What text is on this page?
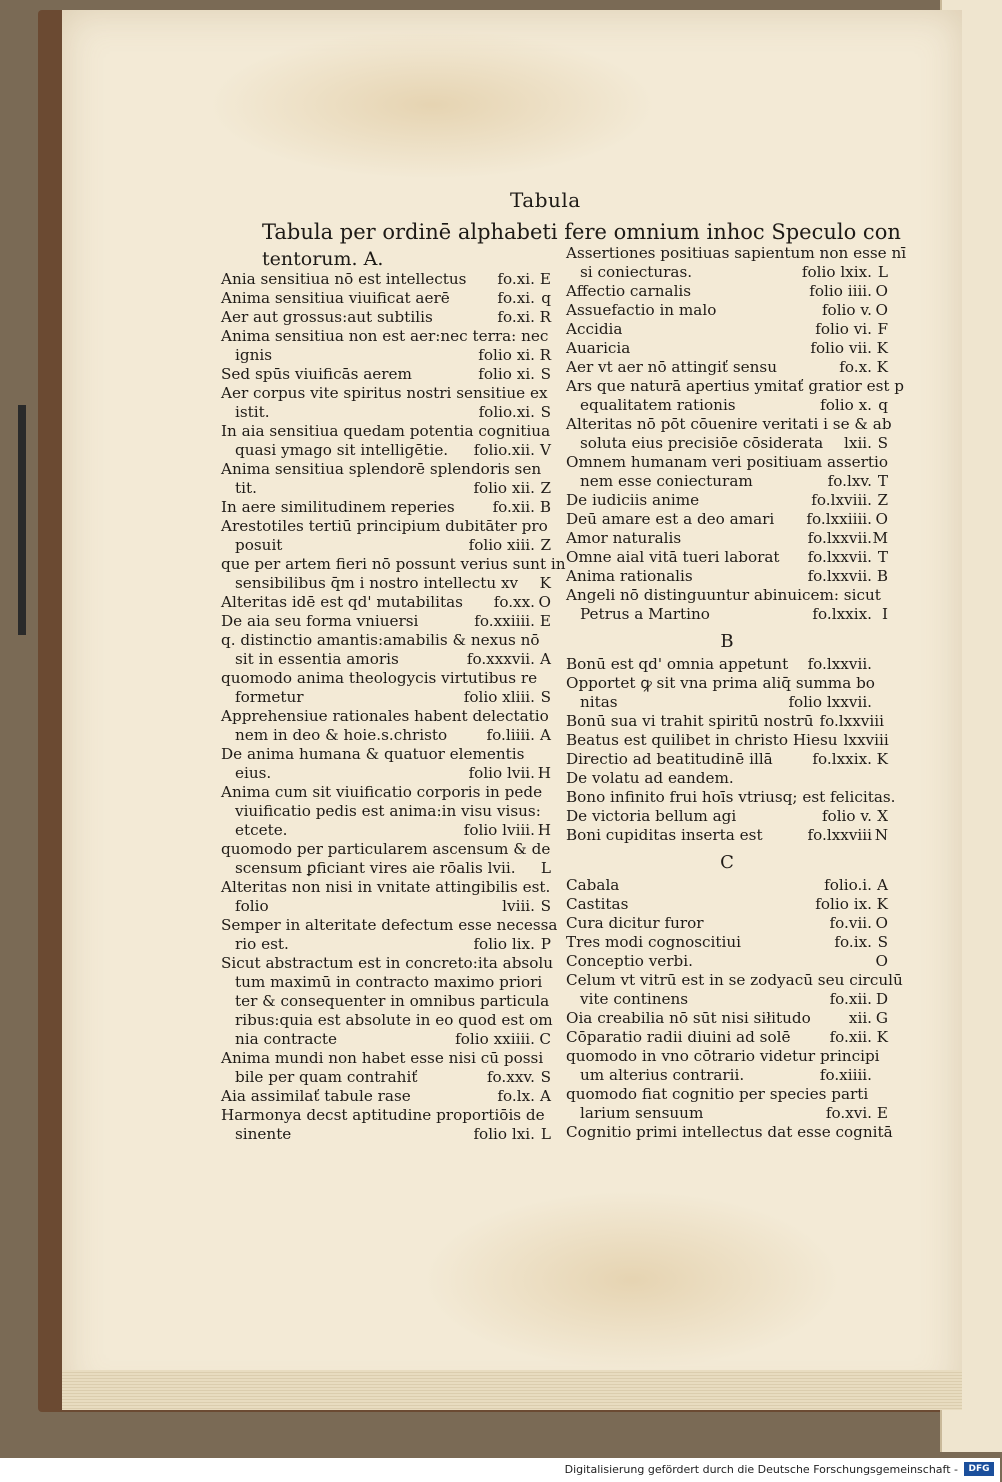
Tabula
Tabula per ordinē alphabeti fere omnium inhoc Speculo con
tentorum. A.
Ania sensitiua nō est intellectus	fo.xi. E
Anima sensitiua viuificat aerē	fo.xi. q
Aer aut grossus:aut subtilis	fo.xi. R
Anima sensitiua non est aer:nec terra: nec
ignis	folio xi. R
Sed spūs viuificās aerem	folio xi. S
Aer corpus vite spiritus nostri sensitiue ex
istit.	folio.xi. S
In aia sensitiua quedam potentia cognitiua
quasi ymago sit intelligētie.	folio.xii. V
Anima sensitiua splendorē splendoris sen
tit.	folio xii. Z
In aere similitudinem reperies	fo.xii. B
Arestotiles tertiū principium dubitāter pro
posuit	folio xiii. Z
que per artem fieri nō possunt verius sunt in
sensibilibus q̄m i nostro intellectu xv	K
Alteritas idē est qd' mutabilitas	fo.xx. O
De aia seu forma vniuersi	fo.xxiiii. E
q. distinctio amantis:amabilis & nexus nō
sit in essentia amoris	fo.xxxvii. A
quomodo anima theologycis virtutibus re
formetur	folio xliii. S
Apprehensiue rationales habent delectatio
nem in deo & hoie.s.christo	fo.liiii. A
De anima humana & quatuor elementis
eius.	folio lvii. H
Anima cum sit viuificatio corporis in pede
viuificatio pedis est anima:in visu visus:
etcete.	folio lviii. H
quomodo per particularem ascensum & de
scensum ꝑficiant vires aie rōalis lvii.	L
Alteritas non nisi in vnitate attingibilis est.
folio	lviii. S
Semper in alteritate defectum esse necessa
rio est.	folio lix. P
Sicut abstractum est in concreto:ita absolu
tum maximū in contracto maximo priori
ter & consequenter in omnibus particula
ribus:quia est absolute in eo quod est om
nia contracte	folio xxiiii. C
Anima mundi non habet esse nisi cū possi
bile per quam contrahiť	fo.xxv. S
Aia assimilať tabule rase	fo.lx. A
Harmonya decst aptitudine proportiōis de
sinente	folio lxi. L
Assertiones positiuas sapientum non esse nī
si coniecturas.	folio lxix. L
Affectio carnalis	folio iiii. O
Assuefactio in malo	folio v. O
Accidia	folio vi. F
Auaricia	folio vii. K
Aer vt aer nō attingiť sensu	fo.x. K
Ars que naturā apertius ymitať gratior est p
equalitatem rationis	folio x. q
Alteritas nō pōt cōuenire veritati i se & ab
soluta eius precisiōe cōsiderata	lxii. S
Omnem humanam veri positiuam assertio
nem esse coniecturam	fo.lxv. T
De iudiciis anime	fo.lxviii. Z
Deū amare est a deo amari	fo.lxxiiii. O
Amor naturalis	fo.lxxvii. M
Omne aial vitā tueri laborat	fo.lxxvii. T
Anima rationalis	fo.lxxvii. B
Angeli nō distinguuntur abinuicem: sicut
Petrus a Martino	fo.lxxix. I
B
Bonū est qd' omnia appetunt	fo.lxxvii.
Opportet ꝙ sit vna prima aliq̄ summa bo
nitas	folio lxxvii.
Bonū sua vi trahit spiritū nostrū fo.lxxviii
Beatus est quilibet in christo Hiesu lxxviii
Directio ad beatitudinē illā	fo.lxxix. K
De volatu ad eandem.
Bono infinito frui hoīs vtriusq; est felicitas.
De victoria bellum agi	folio v. X
Boni cupiditas inserta est	fo.lxxviii N
C
Cabala	folio.i. A
Castitas	folio ix. K
Cura dicitur furor	fo.vii. O
Tres modi cognoscitiui	fo.ix. S
Conceptio verbi.	O
Celum vt vitrū est in se zodyacū seu circulū
vite continens	fo.xii. D
Oia creabilia nō sūt nisi siłitudo	xii. G
Cōparatio radii diuini ad solē	fo.xii. K
quomodo in vno cōtrario videtur principi
um alterius contrarii.	fo.xiiii.
quomodo fiat cognitio per species parti
larium sensuum	fo.xvi. E
Cognitio primi intellectus dat esse cognitā
Digitalisierung gefördert durch die Deutsche Forschungsgemeinschaft -	DFG
